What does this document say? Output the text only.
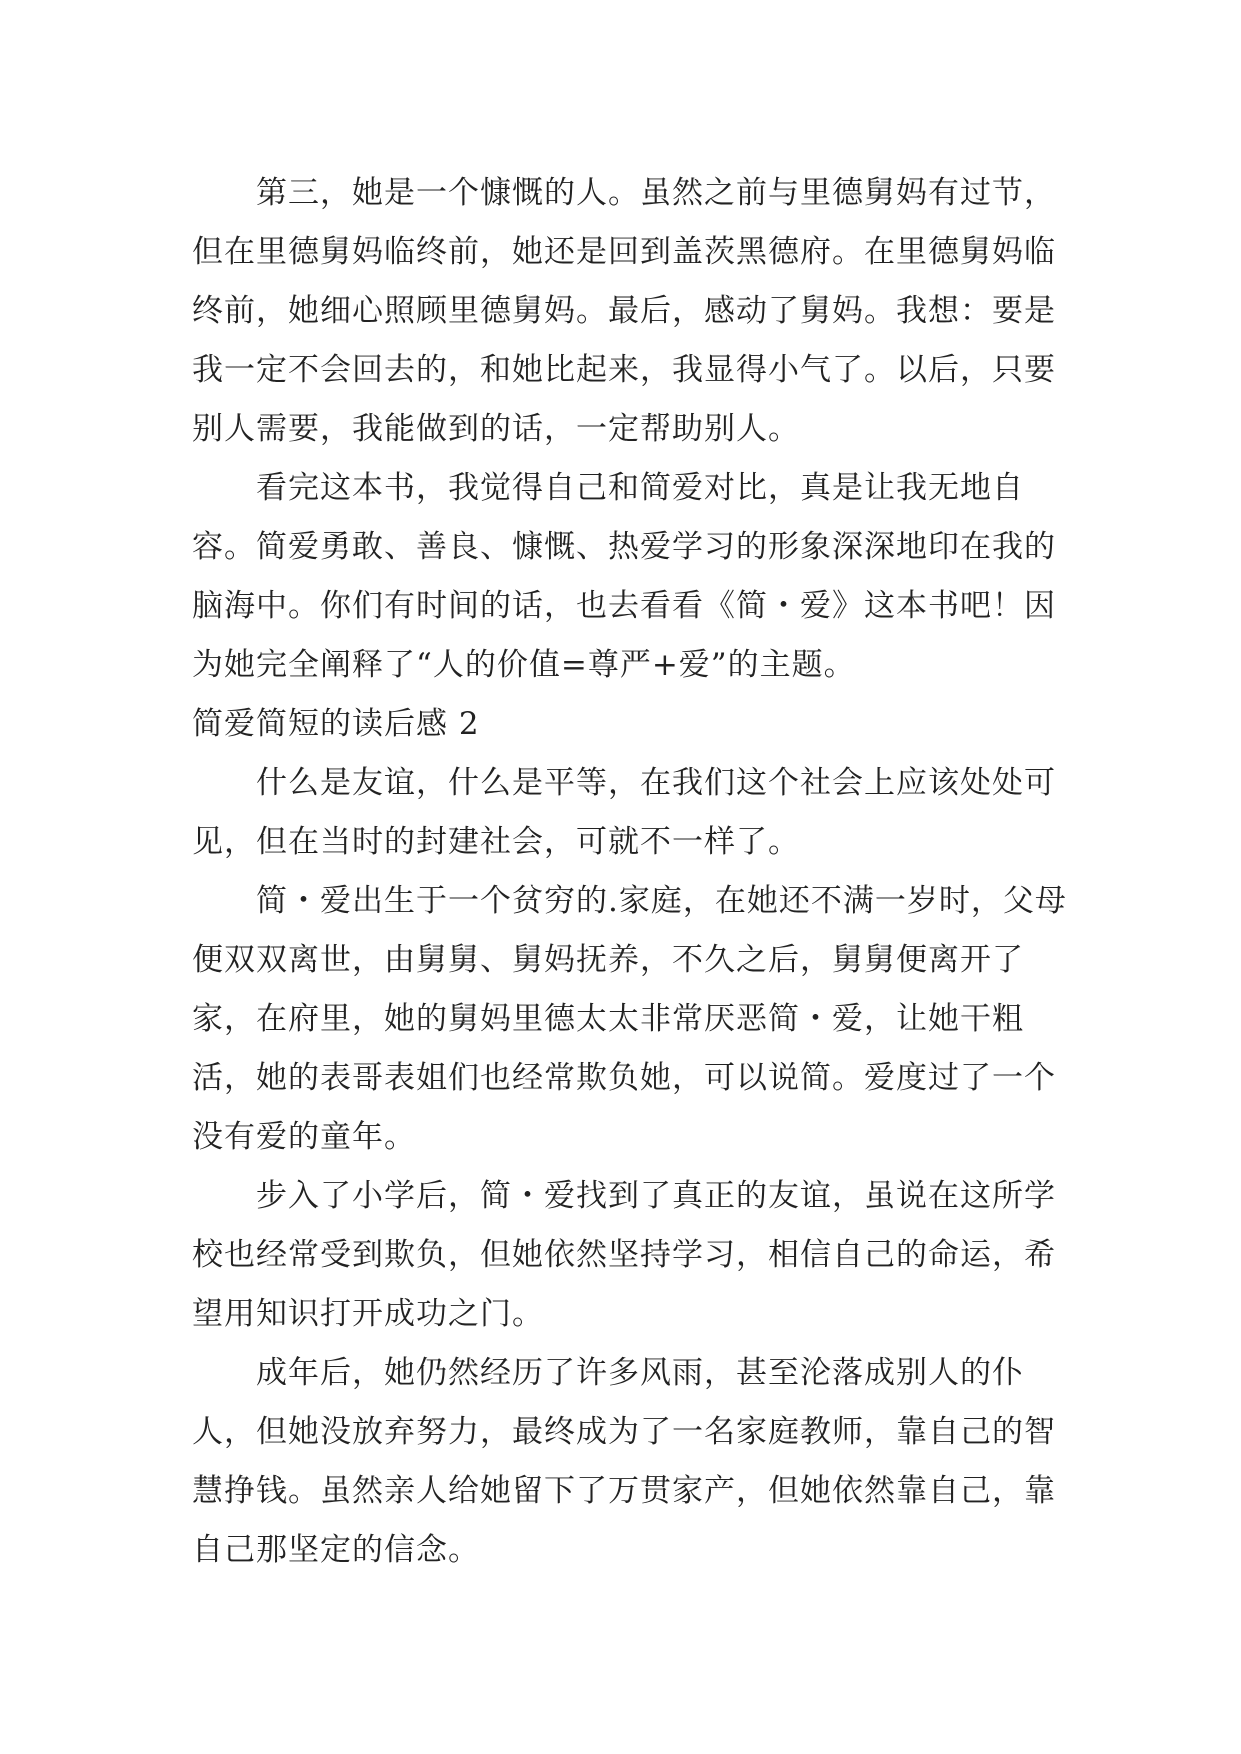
第三，她是一个慷慨的人。虽然之前与里德舅妈有过节，但在里德舅妈临终前，她还是回到盖茨黑德府。在里德舅妈临终前，她细心照顾里德舅妈。最后，感动了舅妈。我想：要是我一定不会回去的，和她比起来，我显得小气了。以后，只要别人需要，我能做到的话，一定帮助别人。

看完这本书，我觉得自己和简爱对比，真是让我无地自容。简爱勇敢、善良、慷慨、热爱学习的形象深深地印在我的脑海中。你们有时间的话，也去看看《简・爱》这本书吧！因为她完全阐释了“人的价值=尊严+爱”的主题。

简爱简短的读后感 2

什么是友谊，什么是平等，在我们这个社会上应该处处可见，但在当时的封建社会，可就不一样了。

简・爱出生于一个贫穷的.家庭，在她还不满一岁时，父母便双双离世，由舅舅、舅妈抚养，不久之后，舅舅便离开了家，在府里，她的舅妈里德太太非常厌恶简・爱，让她干粗活，她的表哥表姐们也经常欺负她，可以说简。爱度过了一个没有爱的童年。

步入了小学后，简・爱找到了真正的友谊，虽说在这所学校也经常受到欺负，但她依然坚持学习，相信自己的命运，希望用知识打开成功之门。

成年后，她仍然经历了许多风雨，甚至沦落成别人的仆人，但她没放弃努力，最终成为了一名家庭教师，靠自己的智慧挣钱。虽然亲人给她留下了万贯家产，但她依然靠自己，靠自己那坚定的信念。
